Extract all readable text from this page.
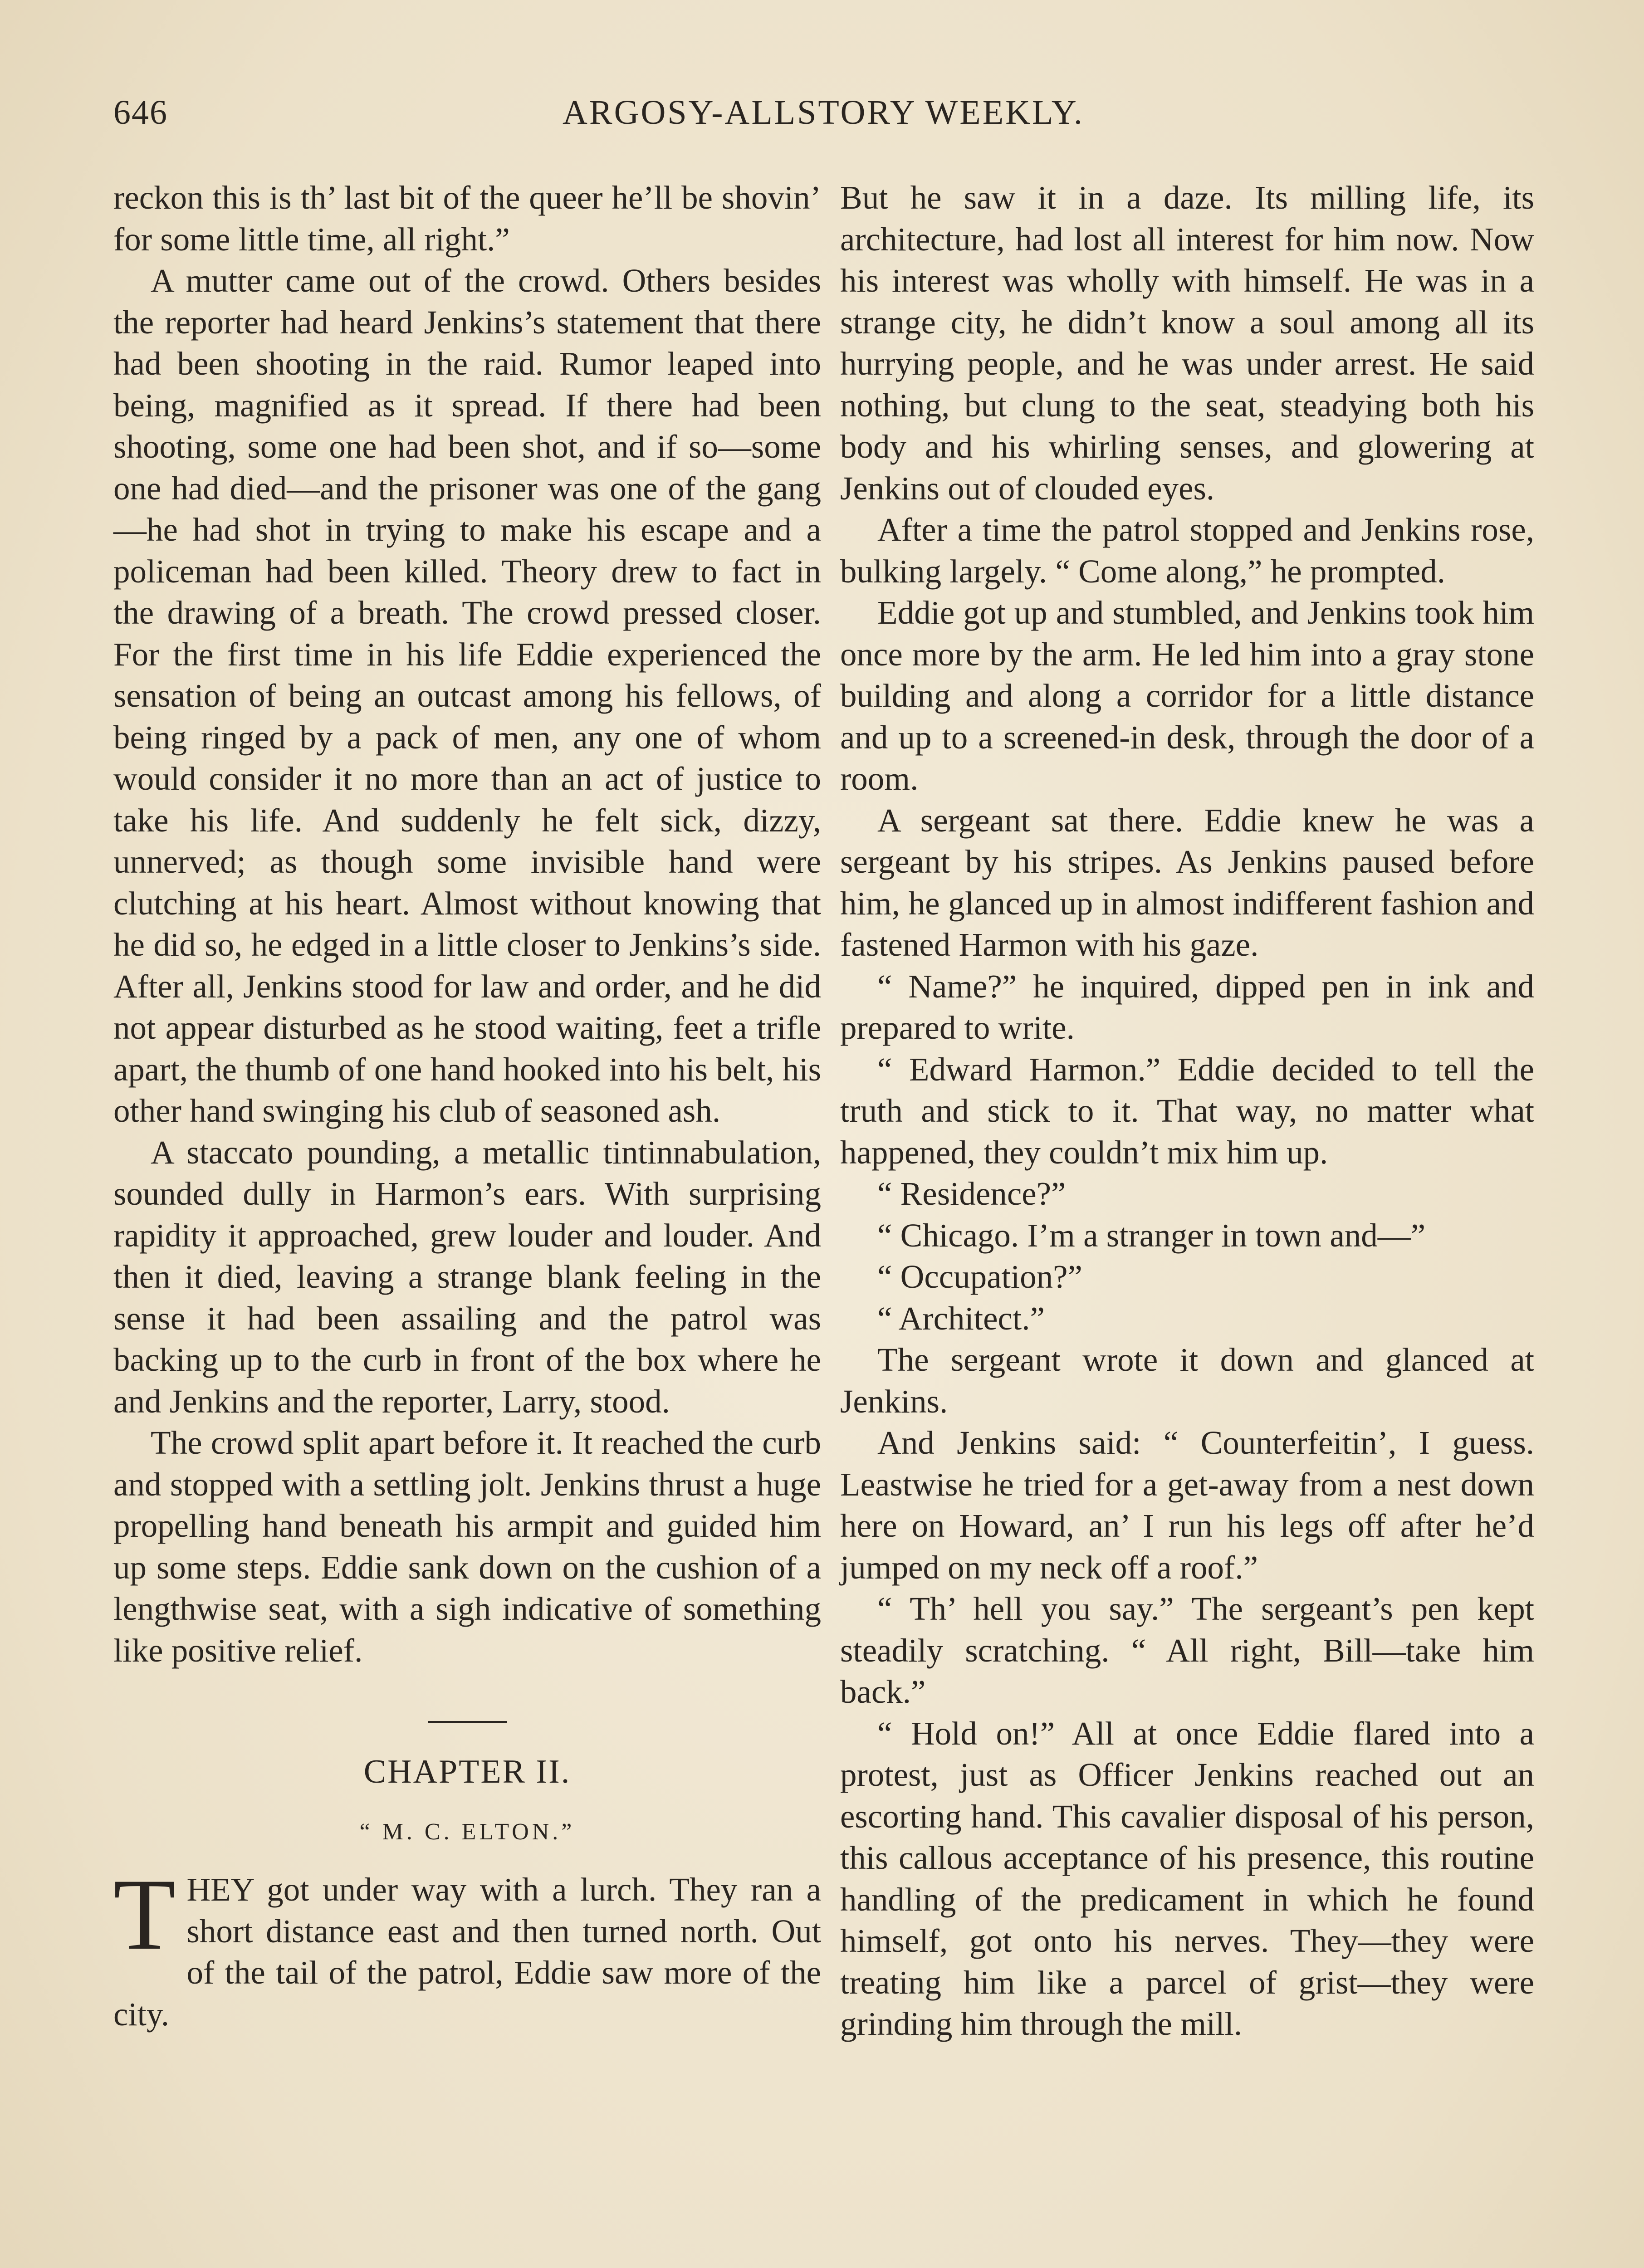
646	ARGOSY-ALLSTORY WEEKLY.

reckon this is th’ last bit of the queer he’ll be shovin’ for some little time, all right.”

A mutter came out of the crowd. Others besides the reporter had heard Jenkins’s statement that there had been shooting in the raid. Rumor leaped into being, magnified as it spread. If there had been shooting, some one had been shot, and if so—some one had died—and the prisoner was one of the gang—he had shot in trying to make his escape and a policeman had been killed. Theory drew to fact in the drawing of a breath. The crowd pressed closer. For the first time in his life Eddie experienced the sensation of being an outcast among his fellows, of being ringed by a pack of men, any one of whom would consider it no more than an act of justice to take his life. And suddenly he felt sick, dizzy, unnerved; as though some invisible hand were clutching at his heart. Almost without knowing that he did so, he edged in a little closer to Jenkins’s side. After all, Jenkins stood for law and order, and he did not appear disturbed as he stood waiting, feet a trifle apart, the thumb of one hand hooked into his belt, his other hand swinging his club of seasoned ash.

A staccato pounding, a metallic tintinnabulation, sounded dully in Harmon’s ears. With surprising rapidity it approached, grew louder and louder. And then it died, leaving a strange blank feeling in the sense it had been assailing and the patrol was backing up to the curb in front of the box where he and Jenkins and the reporter, Larry, stood.

The crowd split apart before it. It reached the curb and stopped with a settling jolt. Jenkins thrust a huge propelling hand beneath his armpit and guided him up some steps. Eddie sank down on the cushion of a lengthwise seat, with a sigh indicative of something like positive relief.

CHAPTER II.
“ M. C. ELTON.”

THEY got under way with a lurch. They ran a short distance east and then turned north. Out of the tail of the patrol, Eddie saw more of the city.

But he saw it in a daze. Its milling life, its architecture, had lost all interest for him now. Now his interest was wholly with himself. He was in a strange city, he didn’t know a soul among all its hurrying people, and he was under arrest. He said nothing, but clung to the seat, steadying both his body and his whirling senses, and glowering at Jenkins out of clouded eyes.

After a time the patrol stopped and Jenkins rose, bulking largely. “ Come along,” he prompted.

Eddie got up and stumbled, and Jenkins took him once more by the arm. He led him into a gray stone building and along a corridor for a little distance and up to a screened-in desk, through the door of a room.

A sergeant sat there. Eddie knew he was a sergeant by his stripes. As Jenkins paused before him, he glanced up in almost indifferent fashion and fastened Harmon with his gaze.

“ Name?” he inquired, dipped pen in ink and prepared to write.

“ Edward Harmon.” Eddie decided to tell the truth and stick to it. That way, no matter what happened, they couldn’t mix him up.

“ Residence?”

“ Chicago. I’m a stranger in town and—”

“ Occupation?”

“ Architect.”

The sergeant wrote it down and glanced at Jenkins.

And Jenkins said: “ Counterfeitin’, I guess. Leastwise he tried for a get-away from a nest down here on Howard, an’ I run his legs off after he’d jumped on my neck off a roof.”

“ Th’ hell you say.” The sergeant’s pen kept steadily scratching. “ All right, Bill—take him back.”

“ Hold on!” All at once Eddie flared into a protest, just as Officer Jenkins reached out an escorting hand. This cavalier disposal of his person, this callous acceptance of his presence, this routine handling of the predicament in which he found himself, got onto his nerves. They—they were treating him like a parcel of grist—they were grinding him through the mill.
